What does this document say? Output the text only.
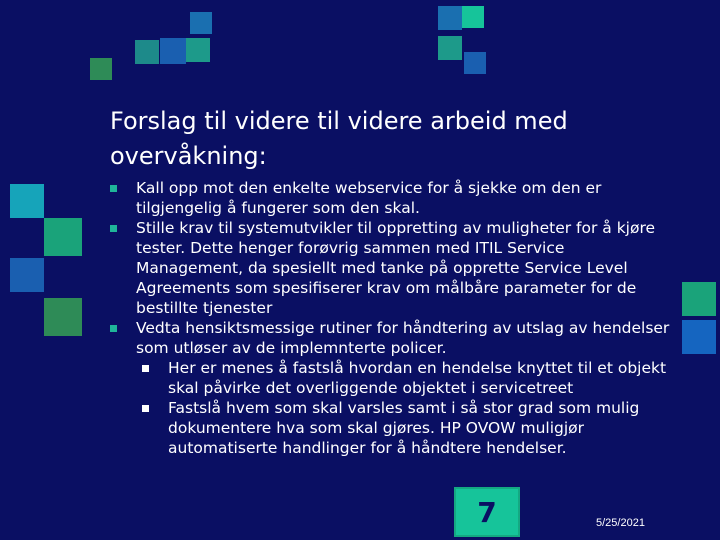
Forslag til videre til videre arbeid med overvåkning:

Kall opp mot den enkelte webservice for å sjekke om den er tilgjengelig å fungerer som den skal.

Stille krav til systemutvikler til oppretting av muligheter for å kjøre tester. Dette henger forøvrig sammen med ITIL Service Management, da spesiellt med tanke på opprette Service Level Agreements som spesifiserer krav om målbåre parameter for de bestillte tjenester

Vedta hensiktsmessige rutiner for håndtering av utslag av hendelser som utløser av de implemnterte policer.

Her er menes å fastslå hvordan en hendelse knyttet til et objekt skal påvirke det overliggende objektet i servicetreet

Fastslå hvem som skal varsles samt i så stor grad som mulig dokumentere hva som skal gjøres. HP OVOW muligjør automatiserte handlinger for å håndtere hendelser.

7	5/25/2021
